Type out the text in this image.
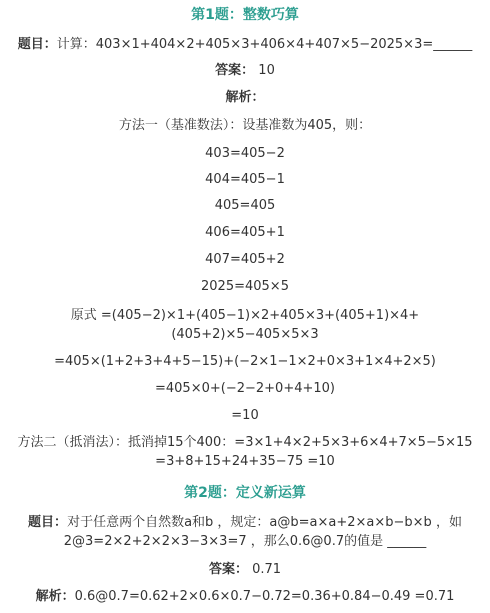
第1题：整数巧算
题目：计算：403×1+404×2+405×3+406×4+407×5−2025×3=______
答案： 10
解析：
方法一（基准数法）：设基准数为405，则：
403=405−2
404=405−1
405=405
406=405+1
407=405+2
2025=405×5
原式 =(405−2)×1+(405−1)×2+405×3+(405+1)×4+
(405+2)×5−405×5×3
=405×(1+2+3+4+5−15)+(−2×1−1×2+0×3+1×4+2×5)
=405×0+(−2−2+0+4+10)
=10
方法二（抵消法）：抵消掉15个400：=3×1+4×2+5×3+6×4+7×5−5×15
=3+8+15+24+35−75 =10
第2题：定义新运算
题目：对于任意两个自然数a和b ，规定：a@b=a×a+2×a×b−b×b ，如
2@3=2×2+2×2×3−3×3=7 ，那么0.6@0.7的值是 ______
答案： 0.71
解析：0.6@0.7=0.62+2×0.6×0.7−0.72=0.36+0.84−0.49 =0.71
